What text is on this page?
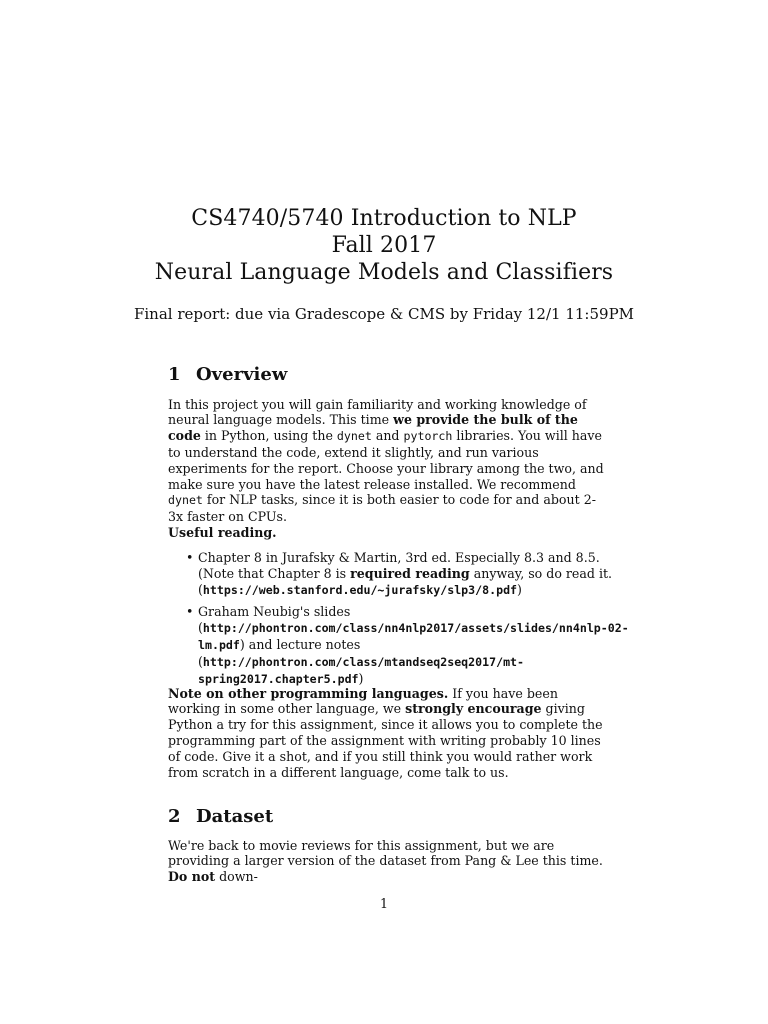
CS4740/5740 Introduction to NLP
Fall 2017
Neural Language Models and Classifiers
Final report: due via Gradescope & CMS by Friday 12/1 11:59PM
1 Overview

In this project you will gain familiarity and working knowledge of neural language models. This time we provide the bulk of the code in Python, using the dynet and pytorch libraries. You will have to understand the code, extend it slightly, and run various experiments for the report. Choose your library among the two, and make sure you have the latest release installed. We recommend dynet for NLP tasks, since it is both easier to code for and about 2-3x faster on CPUs.

Useful reading.

• Chapter 8 in Jurafsky & Martin, 3rd ed. Especially 8.3 and 8.5. (Note that Chapter 8 is required reading anyway, so do read it. (https://web.stanford.edu/~jurafsky/slp3/8.pdf)
• Graham Neubig's slides (http://phontron.com/class/nn4nlp2017/assets/slides/nn4nlp-02-lm.pdf) and lecture notes (http://phontron.com/class/mtandseq2seq2017/mt-spring2017.chapter5.pdf)

Note on other programming languages. If you have been working in some other language, we strongly encourage giving Python a try for this assignment, since it allows you to complete the programming part of the assignment with writing probably 10 lines of code. Give it a shot, and if you still think you would rather work from scratch in a different language, come talk to us.

2 Dataset

We're back to movie reviews for this assignment, but we are providing a larger version of the dataset from Pang & Lee this time. Do not down-

1
